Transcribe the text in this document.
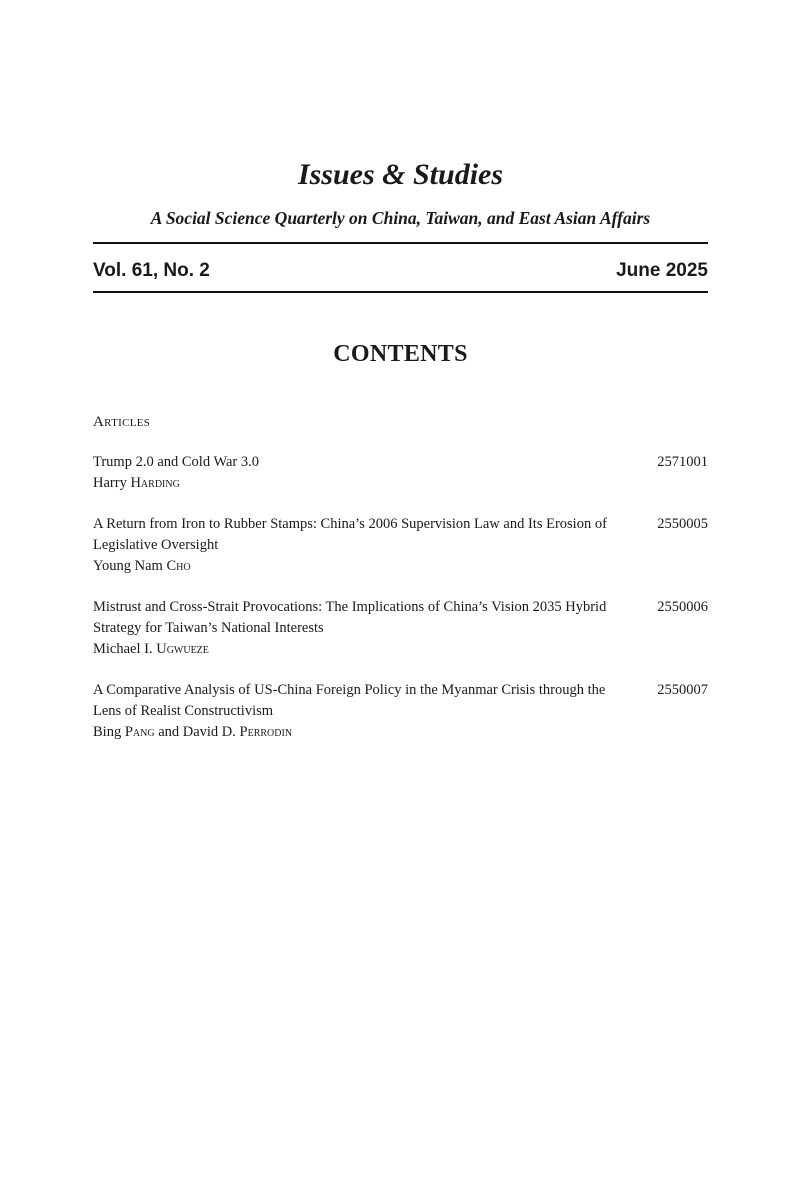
Issues & Studies
A Social Science Quarterly on China, Taiwan, and East Asian Affairs
Vol. 61, No. 2	June 2025
CONTENTS
Articles
Trump 2.0 and Cold War 3.0
Harry Harding
2571001
A Return from Iron to Rubber Stamps: China’s 2006 Supervision Law and Its Erosion of Legislative Oversight
Young Nam Cho
2550005
Mistrust and Cross-Strait Provocations: The Implications of China’s Vision 2035 Hybrid Strategy for Taiwan’s National Interests
Michael I. Ugwueze
2550006
A Comparative Analysis of US-China Foreign Policy in the Myanmar Crisis through the Lens of Realist Constructivism
Bing Pang and David D. Perrodin
2550007
